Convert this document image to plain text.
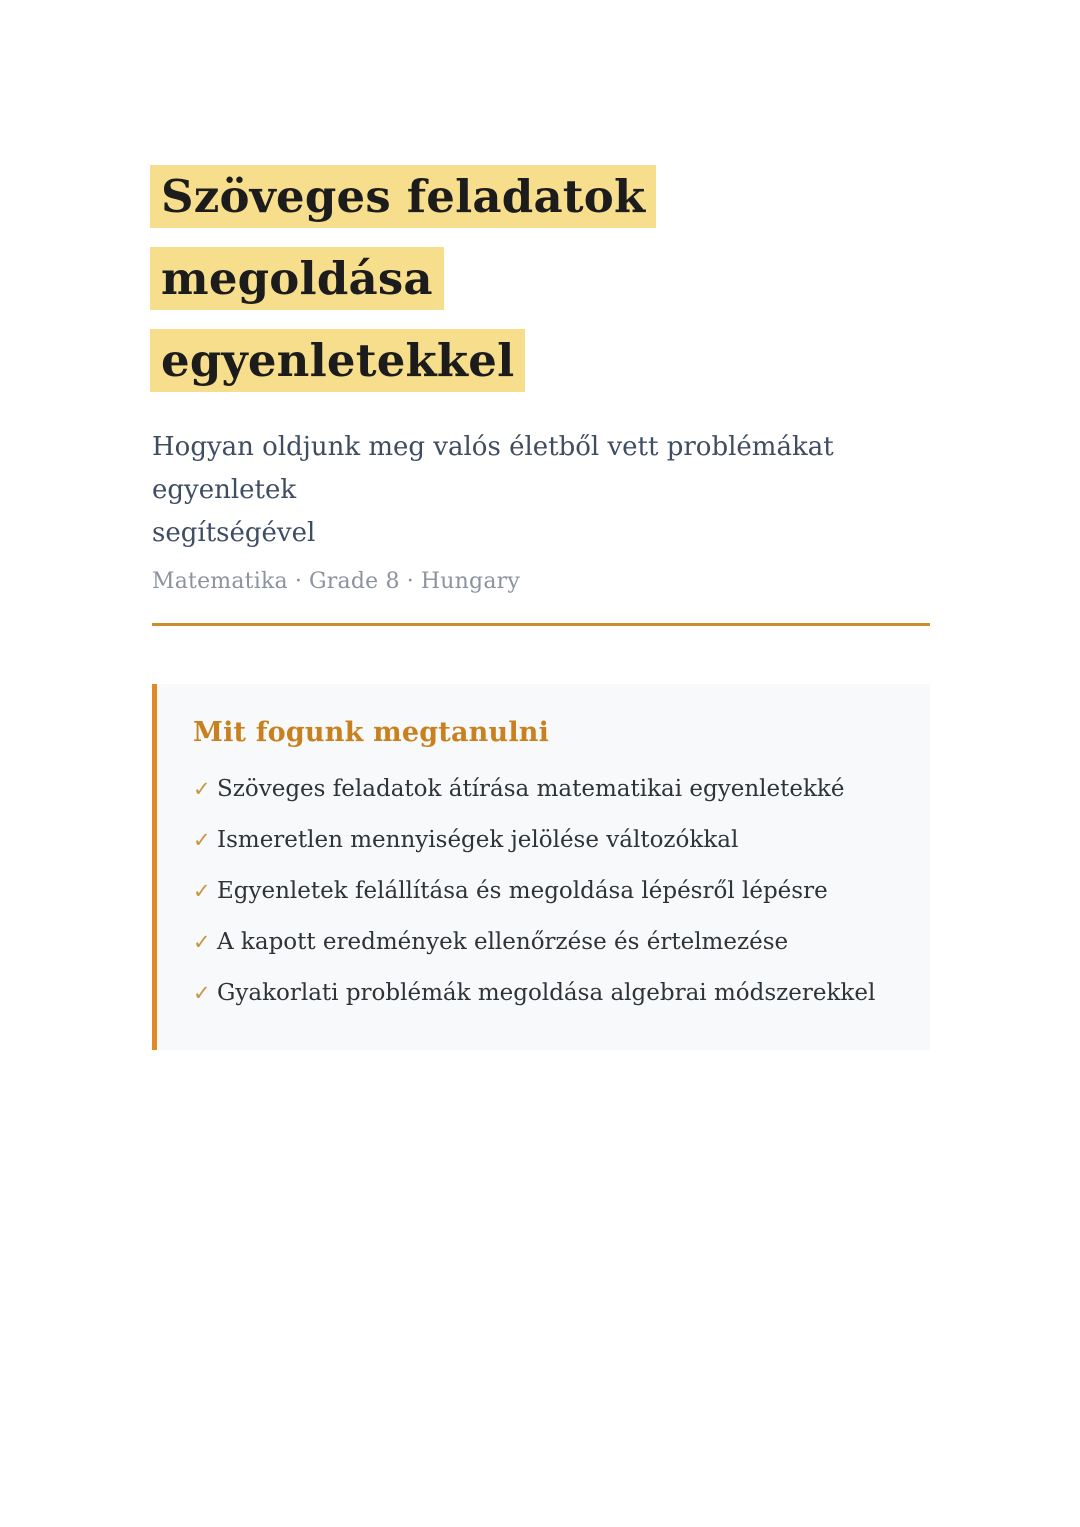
Szöveges feladatok megoldása
egyenletekkel

Hogyan oldjunk meg valós életből vett problémákat egyenletek
segítségével

Matematika · Grade 8 · Hungary

Mit fogunk megtanulni
✓ Szöveges feladatok átírása matematikai egyenletekké
✓ Ismeretlen mennyiségek jelölése változókkal
✓ Egyenletek felállítása és megoldása lépésről lépésre
✓ A kapott eredmények ellenőrzése és értelmezése
✓ Gyakorlati problémák megoldása algebrai módszerekkel
